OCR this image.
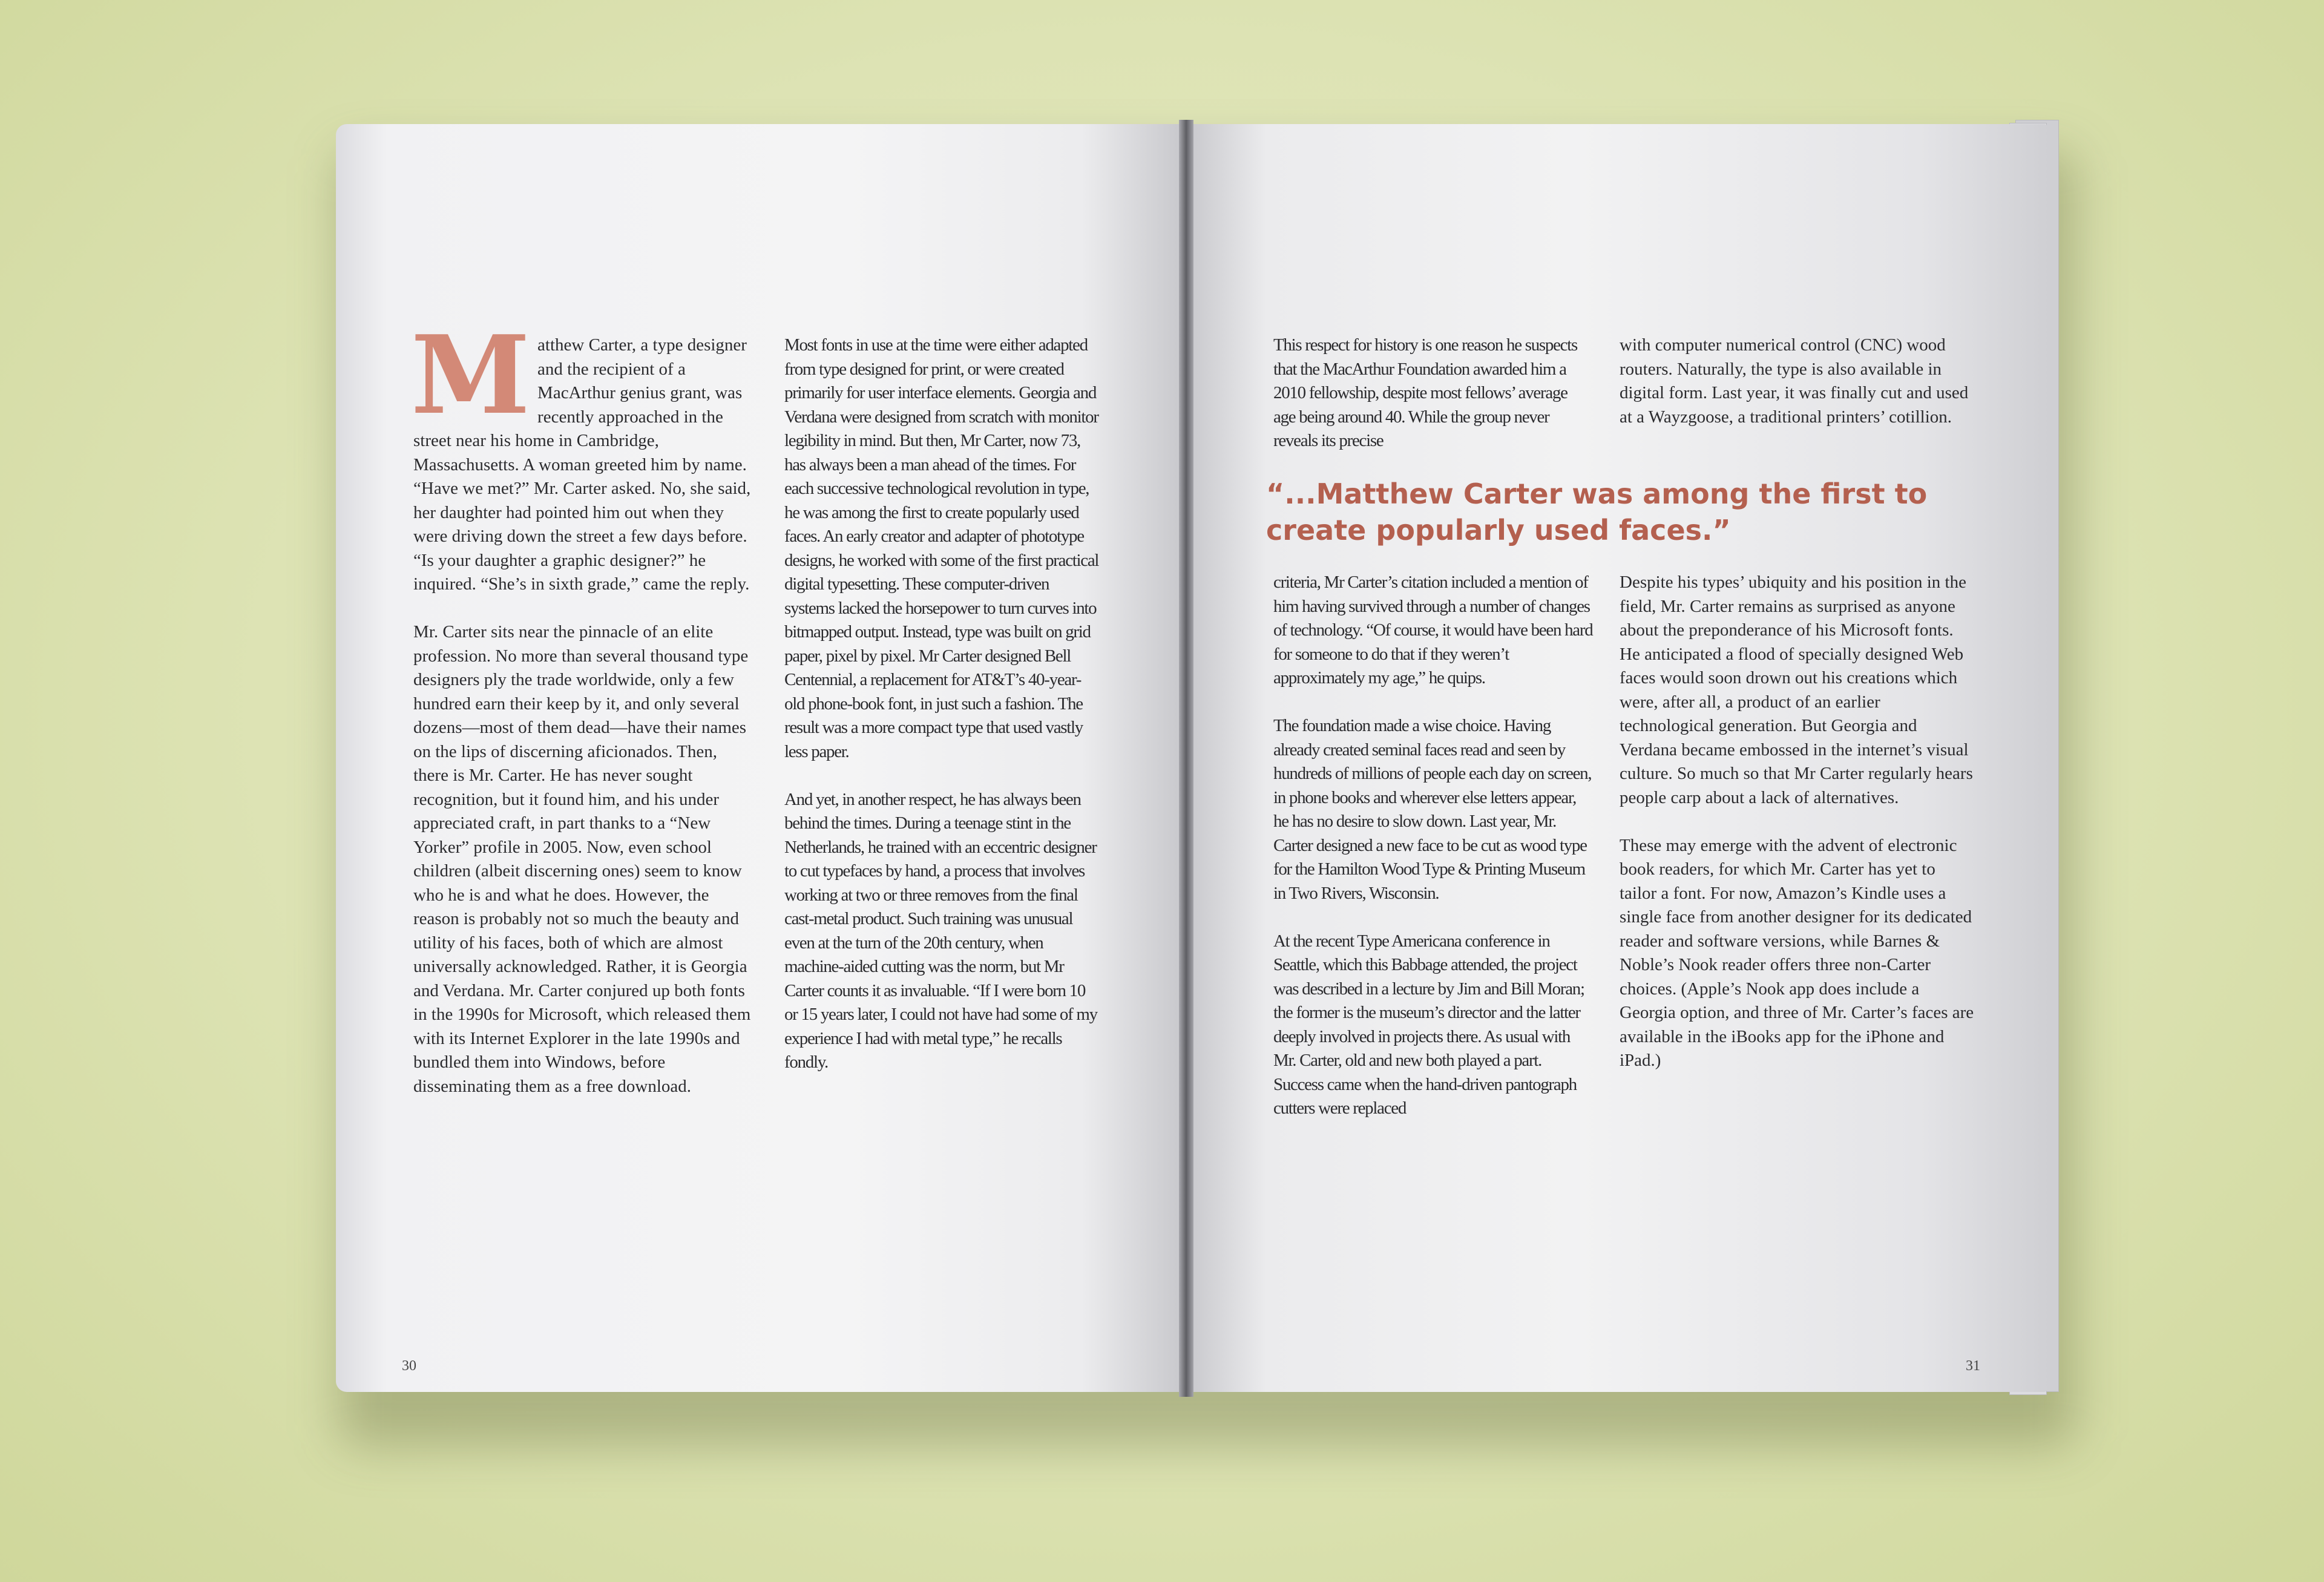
Matthew Carter, a type designer and the recipient of a MacArthur genius grant, was recently approached in the street near his home in Cambridge, Massachusetts. A woman greeted him by name. “Have we met?” Mr. Carter asked. No, she said, her daughter had pointed him out when they were driving down the street a few days before. “Is your daughter a graphic designer?” he inquired. “She’s in sixth grade,” came the reply.

Mr. Carter sits near the pinnacle of an elite profession. No more than several thousand type designers ply the trade worldwide, only a few hundred earn their keep by it, and only several dozens—most of them dead—have their names on the lips of discerning aficionados. Then, there is Mr. Carter. He has never sought recognition, but it found him, and his under appreciated craft, in part thanks to a “New Yorker” profile in 2005. Now, even school children (albeit discerning ones) seem to know who he is and what he does. However, the reason is probably not so much the beauty and utility of his faces, both of which are almost universally acknowledged. Rather, it is Georgia and Verdana. Mr. Carter conjured up both fonts in the 1990s for Microsoft, which released them with its Internet Explorer in the late 1990s and bundled them into Windows, before disseminating them as a free download.

Most fonts in use at the time were either adapted from type designed for print, or were created primarily for user interface elements. Georgia and Verdana were designed from scratch with monitor legibility in mind. But then, Mr Carter, now 73, has always been a man ahead of the times. For each successive technological revolution in type, he was among the first to create popularly used faces. An early creator and adapter of phototype designs, he worked with some of the first practical digital typesetting. These computer-driven systems lacked the horsepower to turn curves into bitmapped output. Instead, type was built on grid paper, pixel by pixel. Mr Carter designed Bell Centennial, a replacement for AT&T’s 40-year-old phone-book font, in just such a fashion. The result was a more compact type that used vastly less paper.

And yet, in another respect, he has always been behind the times. During a teenage stint in the Netherlands, he trained with an eccentric designer to cut typefaces by hand, a process that involves working at two or three removes from the final cast-metal product. Such training was unusual even at the turn of the 20th century, when machine-aided cutting was the norm, but Mr Carter counts it as invaluable. “If I were born 10 or 15 years later, I could not have had some of my experience I had with metal type,” he recalls fondly.

30

This respect for history is one reason he suspects that the MacArthur Foundation awarded him a 2010 fellowship, despite most fellows’ average age being around 40. While the group never reveals its precise

with computer numerical control (CNC) wood routers. Naturally, the type is also available in digital form. Last year, it was finally cut and used at a Wayzgoose, a traditional printers’ cotillion.

“...Matthew Carter was among the first to create popularly used faces.”

criteria, Mr Carter’s citation included a mention of him having survived through a number of changes of technology. “Of course, it would have been hard for someone to do that if they weren’t approximately my age,” he quips.

The foundation made a wise choice. Having already created seminal faces read and seen by hundreds of millions of people each day on screen, in phone books and wherever else letters appear, he has no desire to slow down. Last year, Mr. Carter designed a new face to be cut as wood type for the Hamilton Wood Type & Printing Museum in Two Rivers, Wisconsin.

At the recent Type Americana conference in Seattle, which this Babbage attended, the project was described in a lecture by Jim and Bill Moran; the former is the museum’s director and the latter deeply involved in projects there. As usual with Mr. Carter, old and new both played a part. Success came when the hand-driven pantograph cutters were replaced

Despite his types’ ubiquity and his position in the field, Mr. Carter remains as surprised as anyone about the preponderance of his Microsoft fonts. He anticipated a flood of specially designed Web faces would soon drown out his creations which were, after all, a product of an earlier technological generation. But Georgia and Verdana became embossed in the internet’s visual culture. So much so that Mr Carter regularly hears people carp about a lack of alternatives.

These may emerge with the advent of electronic book readers, for which Mr. Carter has yet to tailor a font. For now, Amazon’s Kindle uses a single face from another designer for its dedicated reader and software versions, while Barnes & Noble’s Nook reader offers three non-Carter choices. (Apple’s Nook app does include a Georgia option, and three of Mr. Carter’s faces are available in the iBooks app for the iPhone and iPad.)

31
